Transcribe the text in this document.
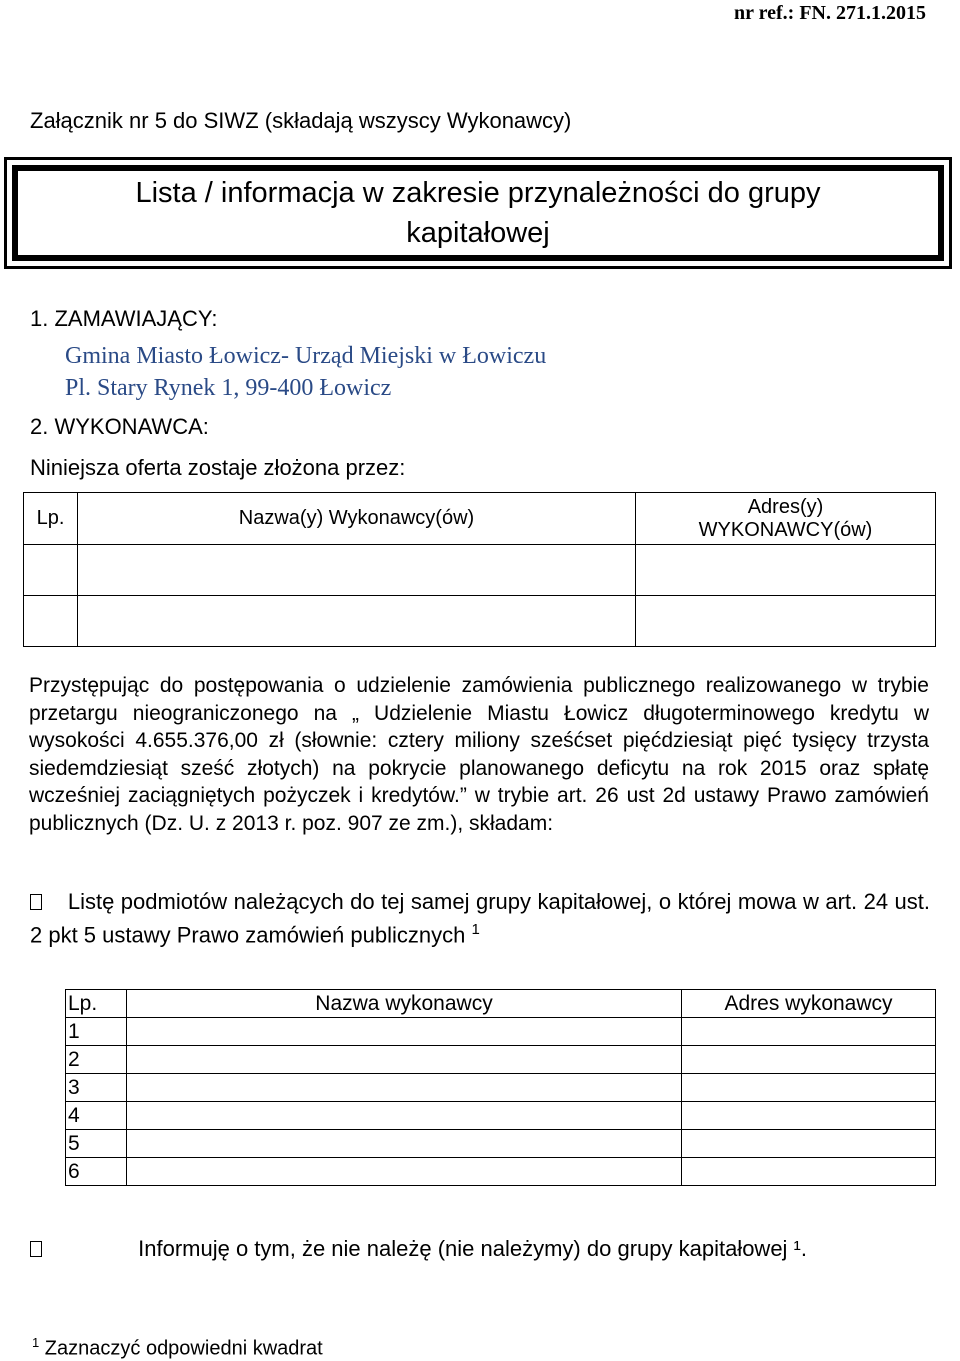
nr ref.: FN. 271.1.2015
Załącznik nr 5 do SIWZ (składają wszyscy Wykonawcy)
Lista / informacja w zakresie przynależności do grupy
kapitałowej
1. ZAMAWIAJĄCY:
Gmina Miasto Łowicz- Urząd Miejski w Łowiczu
Pl. Stary Rynek 1, 99-400 Łowicz
2. WYKONAWCA:
Niniejsza oferta zostaje złożona przez:
Lp.	Nazwa(y) Wykonawcy(ów)	Adres(y) WYKONAWCY(ów)

Przystępując do postępowania o udzielenie zamówienia publicznego realizowanego w trybie przetargu nieograniczonego na „ Udzielenie Miastu Łowicz długoterminowego kredytu w wysokości 4.655.376,00 zł (słownie: cztery miliony sześćset pięćdziesiąt pięć tysięcy trzysta siedemdziesiąt sześć złotych) na pokrycie planowanego deficytu na rok 2015 oraz spłatę wcześniej zaciągniętych pożyczek i kredytów.” w trybie art. 26 ust 2d ustawy Prawo zamówień publicznych (Dz. U. z 2013 r. poz. 907 ze zm.), składam:
Listę podmiotów należących do tej samej grupy kapitałowej, o której mowa w art. 24 ust. 2 pkt 5 ustawy Prawo zamówień publicznych $^1$
Lp.	Nazwa wykonawcy	Adres wykonawcy
1		
2		
3		
4		
5		
6		
Informuję o tym, że nie należę (nie należymy) do grupy kapitałowej ¹.
$^1$ Zaznaczyć odpowiedni kwadrat
